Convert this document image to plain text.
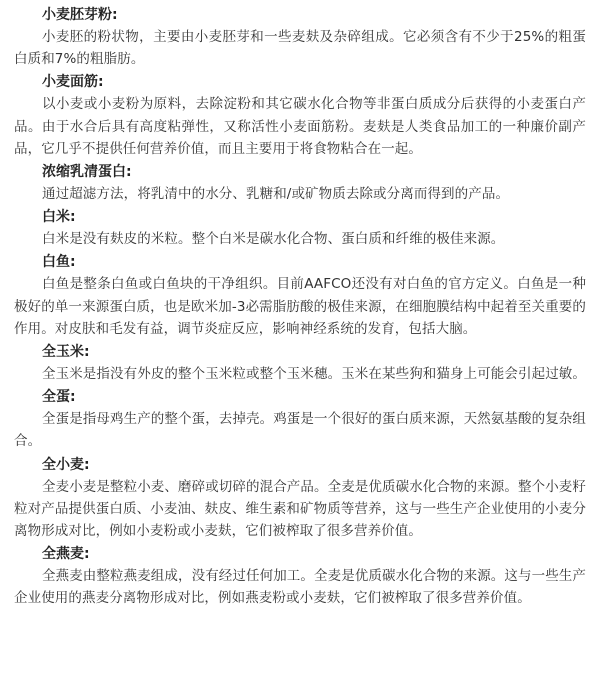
小麦胚芽粉:

小麦胚的粉状物，主要由小麦胚芽和一些麦麸及杂碎组成。它必须含有不少于25%的粗蛋白质和7%的粗脂肪。

小麦面筋:

以小麦或小麦粉为原料，去除淀粉和其它碳水化合物等非蛋白质成分后获得的小麦蛋白产品。由于水合后具有高度粘弹性，又称活性小麦面筋粉。麦麸是人类食品加工的一种廉价副产品，它几乎不提供任何营养价值，而且主要用于将食物粘合在一起。

浓缩乳清蛋白:

通过超滤方法，将乳清中的水分、乳糖和/或矿物质去除或分离而得到的产品。

白米:

白米是没有麸皮的米粒。整个白米是碳水化合物、蛋白质和纤维的极佳来源。

白鱼:

白鱼是整条白鱼或白鱼块的干净组织。目前AAFCO还没有对白鱼的官方定义。白鱼是一种极好的单一来源蛋白质，也是欧米加-3必需脂肪酸的极佳来源，在细胞膜结构中起着至关重要的作用。对皮肤和毛发有益，调节炎症反应，影响神经系统的发育，包括大脑。

全玉米:

全玉米是指没有外皮的整个玉米粒或整个玉米穗。玉米在某些狗和猫身上可能会引起过敏。

全蛋:

全蛋是指母鸡生产的整个蛋，去掉壳。鸡蛋是一个很好的蛋白质来源，天然氨基酸的复杂组合。

全小麦:

全麦小麦是整粒小麦、磨碎或切碎的混合产品。全麦是优质碳水化合物的来源。整个小麦籽粒对产品提供蛋白质、小麦油、麸皮、维生素和矿物质等营养，这与一些生产企业使用的小麦分离物形成对比，例如小麦粉或小麦麸，它们被榨取了很多营养价值。

全燕麦:

全燕麦由整粒燕麦组成，没有经过任何加工。全麦是优质碳水化合物的来源。这与一些生产企业使用的燕麦分离物形成对比，例如燕麦粉或小麦麸，它们被榨取了很多营养价值。
